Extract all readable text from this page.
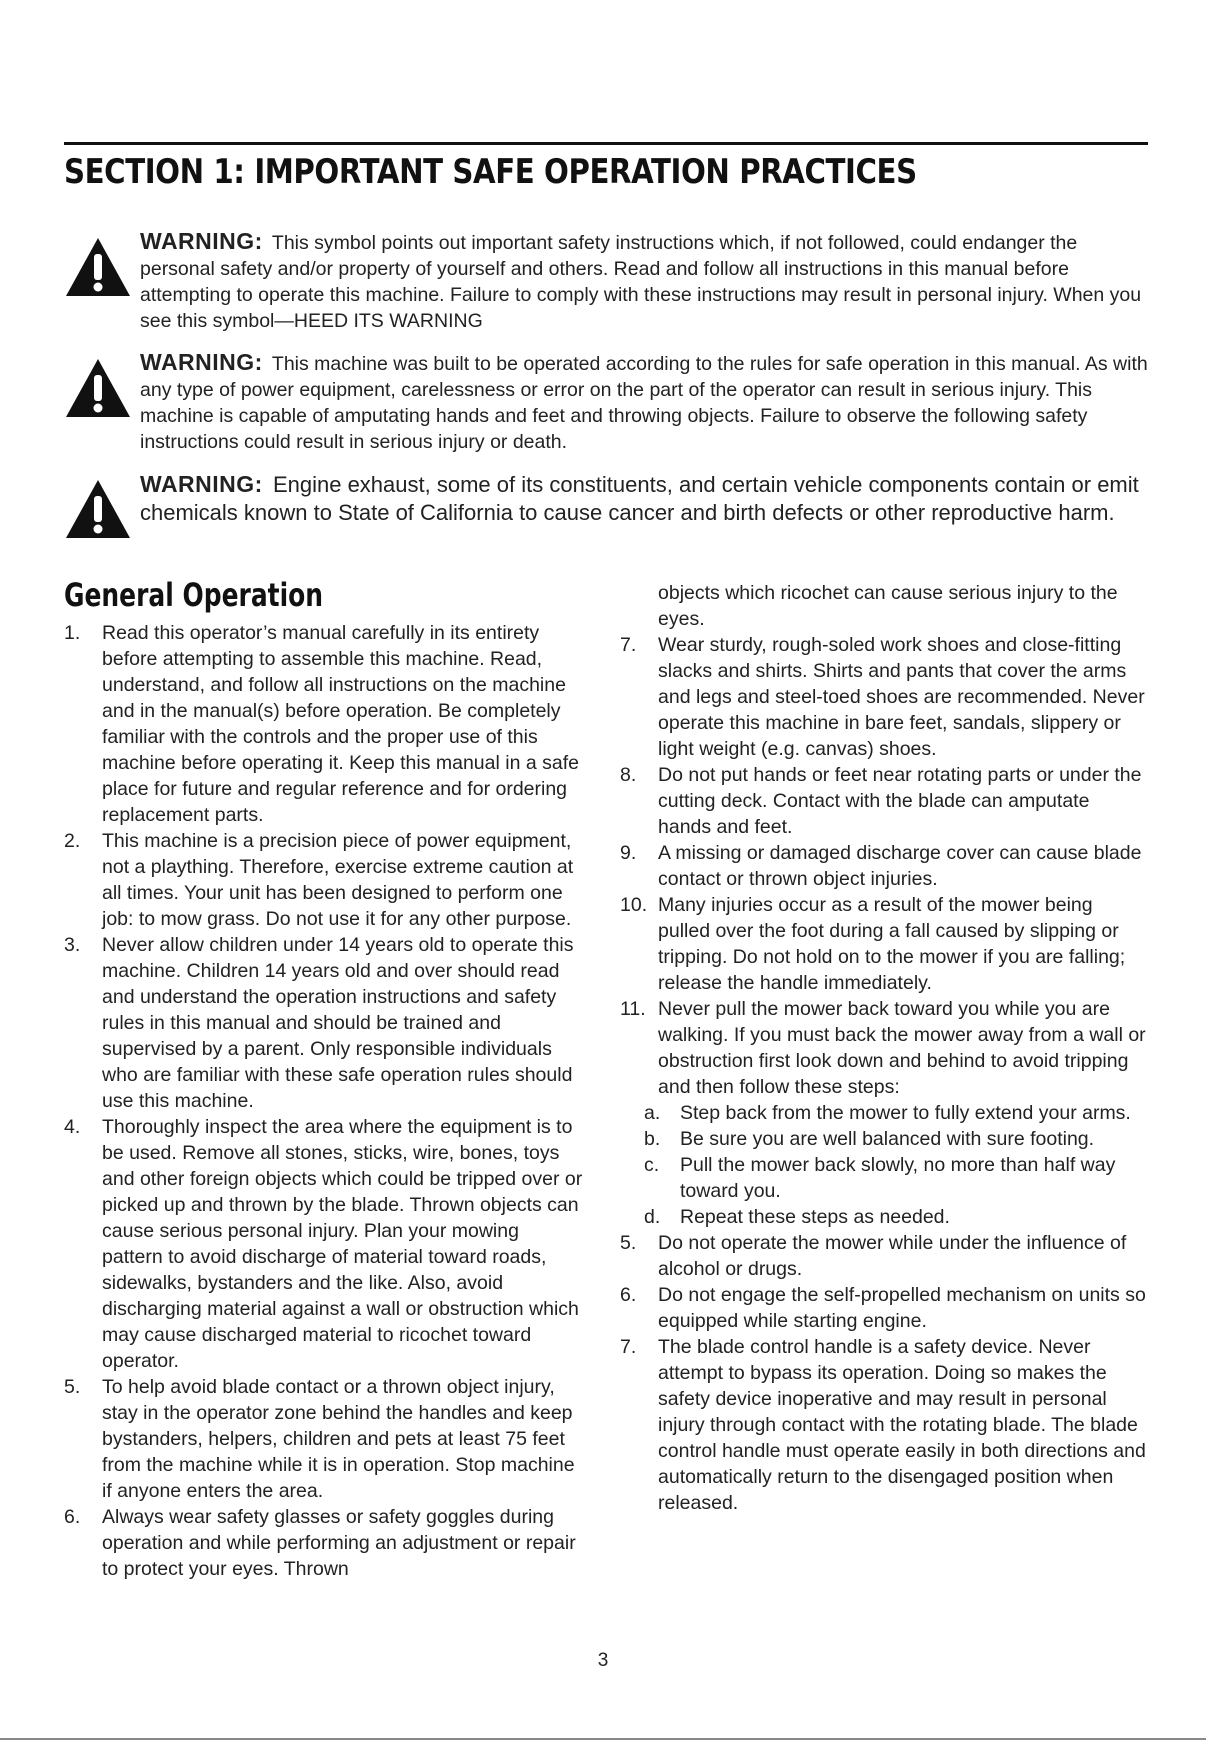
SECTION 1: IMPORTANT SAFE OPERATION PRACTICES
WARNING: This symbol points out important safety instructions which, if not followed, could endanger the personal safety and/or property of yourself and others. Read and follow all instructions in this manual before attempting to operate this machine. Failure to comply with these instructions may result in personal injury. When you see this symbol—HEED ITS WARNING
WARNING: This machine was built to be operated according to the rules for safe operation in this manual. As with any type of power equipment, carelessness or error on the part of the operator can result in serious injury. This machine is capable of amputating hands and feet and throwing objects. Failure to observe the following safety instructions could result in serious injury or death.
WARNING: Engine exhaust, some of its constituents, and certain vehicle components contain or emit chemicals known to State of California to cause cancer and birth defects or other reproductive harm.
General Operation
1.	Read this operator’s manual carefully in its entirety before attempting to assemble this machine. Read, understand, and follow all instructions on the machine and in the manual(s) before operation. Be completely familiar with the controls and the proper use of this machine before operating it. Keep this manual in a safe place for future and regular reference and for ordering replacement parts.
2.	This machine is a precision piece of power equipment, not a plaything. Therefore, exercise extreme caution at all times. Your unit has been designed to perform one job: to mow grass. Do not use it for any other purpose.
3.	Never allow children under 14 years old to operate this machine. Children 14 years old and over should read and understand the operation instructions and safety rules in this manual and should be trained and supervised by a parent. Only responsible individuals who are familiar with these safe operation rules should use this machine.
4.	Thoroughly inspect the area where the equipment is to be used. Remove all stones, sticks, wire, bones, toys and other foreign objects which could be tripped over or picked up and thrown by the blade. Thrown objects can cause serious personal injury. Plan your mowing pattern to avoid discharge of material toward roads, sidewalks, bystanders and the like. Also, avoid discharging material against a wall or obstruction which may cause discharged material to ricochet toward operator.
5.	To help avoid blade contact or a thrown object injury, stay in the operator zone behind the handles and keep bystanders, helpers, children and pets at least 75 feet from the machine while it is in operation. Stop machine if anyone enters the area.
6.	Always wear safety glasses or safety goggles during operation and while performing an adjustment or repair to protect your eyes. Thrown
objects which ricochet can cause serious injury to the eyes.
7.	Wear sturdy, rough-soled work shoes and close-fitting slacks and shirts. Shirts and pants that cover the arms and legs and steel-toed shoes are recommended. Never operate this machine in bare feet, sandals, slippery or light weight (e.g. canvas) shoes.
8.	Do not put hands or feet near rotating parts or under the cutting deck. Contact with the blade can amputate hands and feet.
9.	A missing or damaged discharge cover can cause blade contact or thrown object injuries.
10. Many injuries occur as a result of the mower being pulled over the foot during a fall caused by slipping or tripping. Do not hold on to the mower if you are falling; release the handle immediately.
11. Never pull the mower back toward you while you are walking. If you must back the mower away from a wall or obstruction first look down and behind to avoid tripping and then follow these steps:
a.	Step back from the mower to fully extend your arms.
b.	Be sure you are well balanced with sure footing.
c.	Pull the mower back slowly, no more than half way toward you.
d.	Repeat these steps as needed.
5.	Do not operate the mower while under the influence of alcohol or drugs.
6.	Do not engage the self-propelled mechanism on units so equipped while starting engine.
7.	The blade control handle is a safety device. Never attempt to bypass its operation. Doing so makes the safety device inoperative and may result in personal injury through contact with the rotating blade. The blade control handle must operate easily in both directions and automatically return to the disengaged position when released.
3
